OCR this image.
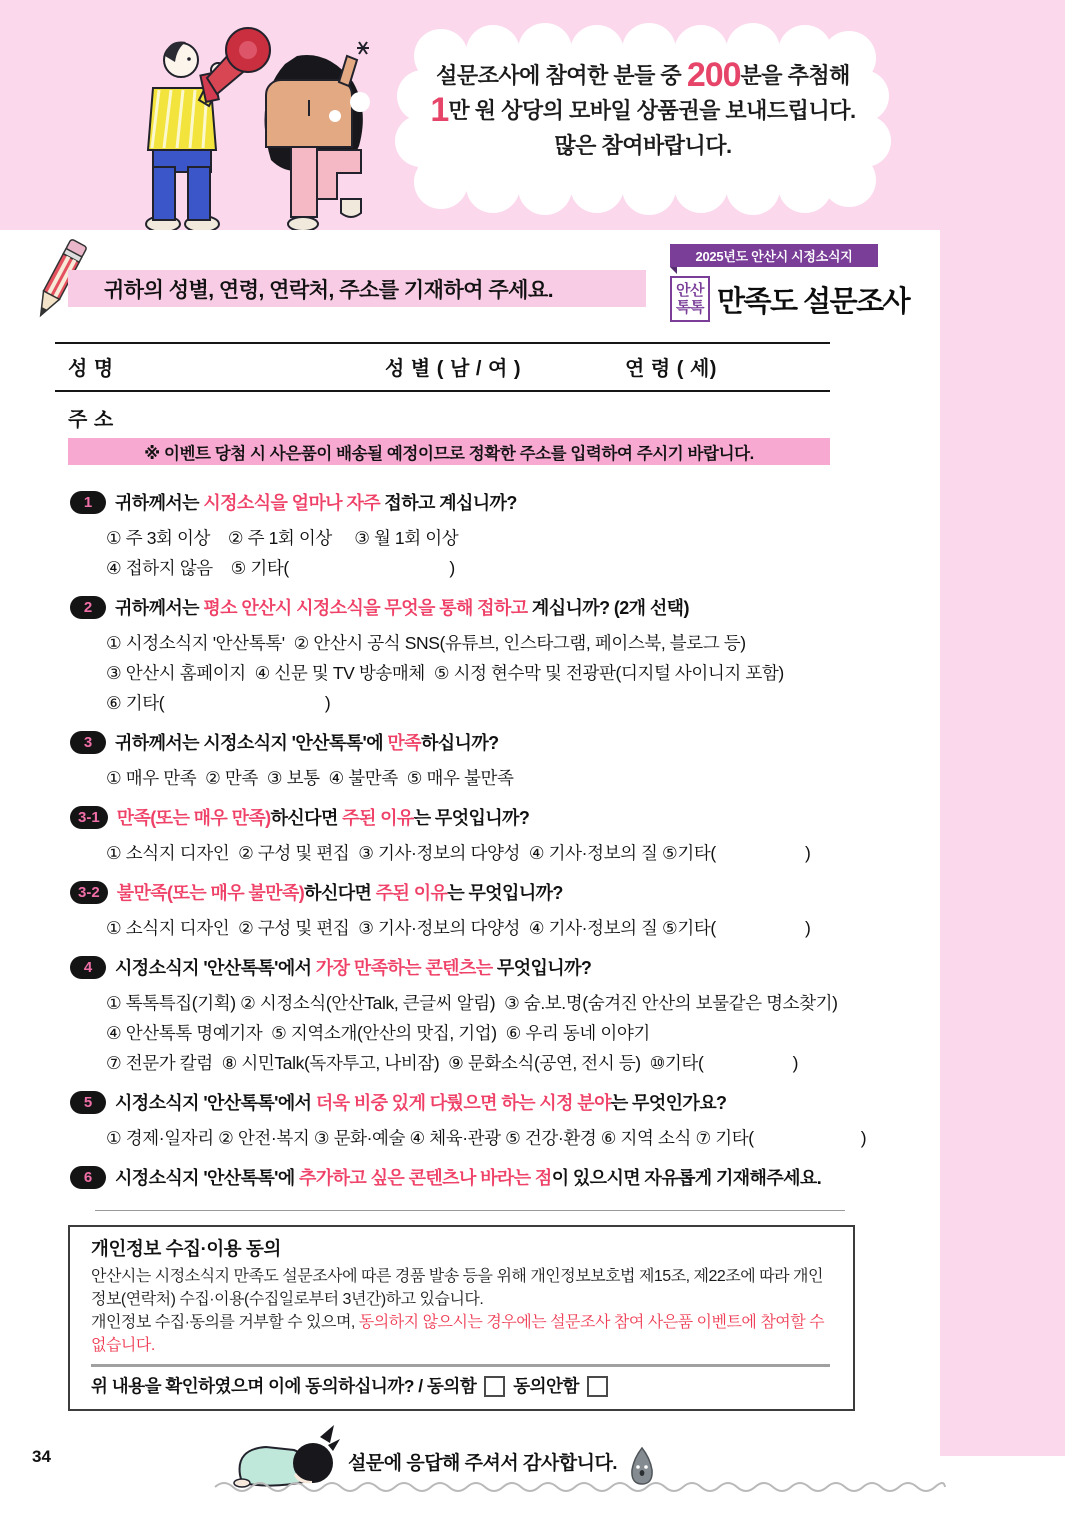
설문조사에 참여한 분들 중 200분을 추첨해
1만 원 상당의 모바일 상품권을 보내드립니다.
많은 참여바랍니다.
귀하의 성별, 연령, 연락처, 주소를 기재하여 주세요.
2025년도 안산시 시정소식지
안산
톡톡 만족도 설문조사
성 명	성 별 ( 남 / 여 )	연 령 ( 세)
주 소
※ 이벤트 당첨 시 사은품이 배송될 예정이므로 정확한 주소를 입력하여 주시기 바랍니다.
1	귀하께서는 시정소식을 얼마나 자주 접하고 계십니까?
① 주 3회 이상    ② 주 1회 이상     ③ 월 1회 이상
④ 접하지 않음    ⑤ 기타(                                    )
2	귀하께서는 평소 안산시 시정소식을 무엇을 통해 접하고 계십니까? (2개 선택)
① 시정소식지 '안산톡톡'  ② 안산시 공식 SNS(유튜브, 인스타그램, 페이스북, 블로그 등)
③ 안산시 홈페이지  ④ 신문 및 TV 방송매체  ⑤ 시정 현수막 및 전광판(디지털 사이니지 포함)
⑥ 기타(                                    )
3	귀하께서는 시정소식지 '안산톡톡'에 만족하십니까?
① 매우 만족  ② 만족  ③ 보통  ④ 불만족  ⑤ 매우 불만족
3-1 만족(또는 매우 만족)하신다면 주된 이유는 무엇입니까?
① 소식지 디자인  ② 구성 및 편집  ③ 기사·정보의 다양성  ④ 기사·정보의 질 ⑤기타(                    )
3-2 불만족(또는 매우 불만족)하신다면 주된 이유는 무엇입니까?
① 소식지 디자인  ② 구성 및 편집  ③ 기사·정보의 다양성  ④ 기사·정보의 질 ⑤기타(                    )
4	시정소식지 '안산톡톡'에서 가장 만족하는 콘텐츠는 무엇입니까?
① 톡톡특집(기획) ② 시정소식(안산Talk, 큰글씨 알림)  ③ 숨.보.명(숨겨진 안산의 보물같은 명소찾기)
④ 안산톡톡 명예기자  ⑤ 지역소개(안산의 맛집, 기업)  ⑥ 우리 동네 이야기
⑦ 전문가 칼럼  ⑧ 시민Talk(독자투고, 나비잠)  ⑨ 문화소식(공연, 전시 등)  ⑩기타(                    )
5	시정소식지 '안산톡톡'에서 더욱 비중 있게 다뤘으면 하는 시정 분야는 무엇인가요?
① 경제·일자리 ② 안전·복지 ③ 문화·예술 ④ 체육·관광 ⑤ 건강·환경 ⑥ 지역 소식 ⑦ 기타(                        )
6	시정소식지 '안산톡톡'에 추가하고 싶은 콘텐츠나 바라는 점이 있으시면 자유롭게 기재해주세요.
개인정보 수집·이용 동의
안산시는 시정소식지 만족도 설문조사에 따른 경품 발송 등을 위해 개인정보보호법 제15조, 제22조에 따라 개인정보(연락처) 수집·이용(수집일로부터 3년간)하고 있습니다.
개인정보 수집·동의를 거부할 수 있으며, 동의하지 않으시는 경우에는 설문조사 참여 사은품 이벤트에 참여할 수 없습니다.
위 내용을 확인하였으며 이에 동의하십니까? / 동의함 동의안함
34	설문에 응답해 주셔서 감사합니다.
